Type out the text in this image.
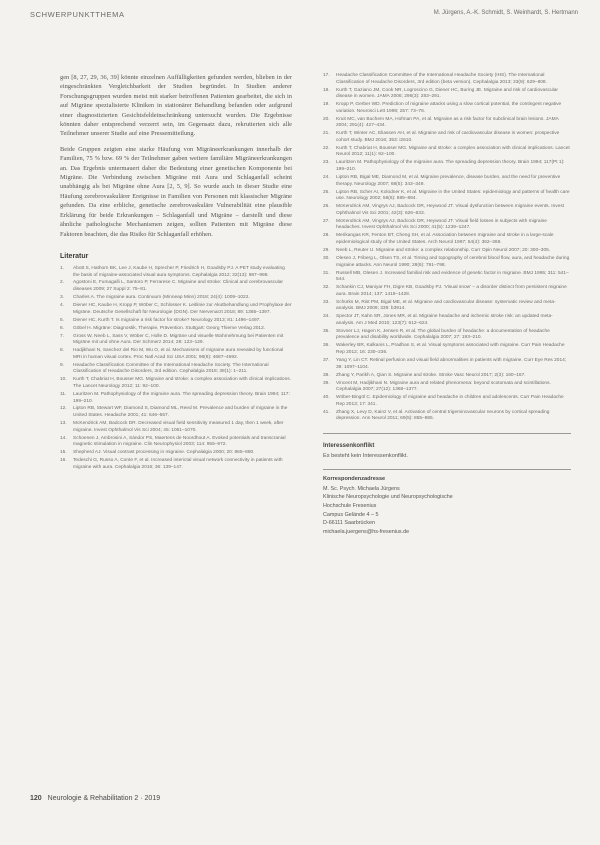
SCHWERPUNKTTHEMA	M. Jürgens, A.-K. Schmidt, S. Weinhardt, S. Hertmann

gen [8, 27, 29, 36, 39] könnte einzelnen Auffälligkeiten gefunden werden, blieben in der eingeschränkten Vergleichbarkeit der Studien begründet. In Studien anderer Forschungsgruppen wurden meist mit starker betroffenen Patienten gearbeitet, die sich in auf Migräne spezialisierte Kliniken in stationärer Behandlung befanden oder aufgrund einer diagnostizierten Gesichtsfeldeinschränkung untersucht wurden. Die Ergebnisse könnten daher entsprechend verzerrt sein, im Gegensatz dazu, rekrutierten sich alle Teilnehmer unserer Studie auf eine Pressemitteilung.

Beide Gruppen zeigten eine starke Häufung von Migräneerkrankungen innerhalb der Familien, 75 % bzw. 69 % der Teilnehmer gaben weitere familiäre Migräneerkrankungen an. Das Ergebnis untermauert daher die Bedeutung einer genetischen Komponente bei Migräne. Die Verbindung zwischen Migräne mit Aura und Schlaganfall scheint unabhängig als bei Migräne ohne Aura [2, 5, 9]. So wurde auch in dieser Studie eine Häufung zerebrovaskulärer Ereignisse in Familien von Personen mit klassischer Migräne gefunden. Da eine erbliche, genetische zerebrovaskuläre Vulnerabilität eine plausible Erklärung für beide Erkrankungen – Schlaganfall und Migräne – darstellt und diese ähnliche pathologische Mechanismen zeigen, sollten Patienten mit Migräne diese Faktoren beachten, die das Risiko für Schlaganfall erhöhen.

Literatur
1.	Abott S, Hathorn BK, Lee J, Kaube H, Sprecher P, Friedrich H, Goadsby PJ. A PET study evaluating the basis of migraine-associated visual aura symptoms. Cephalalgia 2012; 32(13): 987–998.
2.	Agostoni E, Fumagalli L, Santoro P, Ferrarese C. Migraine and stroke: Clinical and cerebrovascular diseases 2009; 27 Suppl 2: 75–81.
3.	Charles A. The migraine aura. Continuum (Minneap Minn) 2018; 24(4): 1009–1022.
4.	Diener HC, Kaube H, Kropp P, Wöber C, Schlosser K. Leitlinie zur Akutbehandlung und Prophylaxe der Migräne. Deutsche Gesellschaft für Neurologie (DGN). Der Nervenarzt 2018; 89: 1365–1397.
5.	Diener HC, Kurth T. Is migraine a risk factor for stroke? Neurology 2013; 81: 1496–1497.
6.	Göbel H. Migräne: Diagnostik, Therapie, Prävention. Stuttgart: Georg Thieme Verlag 2012.
7.	Gross W, Neeb L, Sass V, Wöber C, Holle D. Migräne und visuelle Wahrnehmung bei Patienten mit Migräne mit und ohne Aura. Der Schmerz 2014; 28: 123–129.
8.	Hadjikhani N, Sanchez del Rio M, Wu O, et al. Mechanisms of migraine aura revealed by functional MRI in human visual cortex. Proc Natl Acad Sci USA 2001; 98(8): 4687–4692.
9.	Headache Classification Committee of the International Headache Society. The International Classification of Headache Disorders, 3rd edition. Cephalalgia 2018; 38(1): 1–211.
10.	Kurth T, Chabriat H, Bousser MG. Migraine and stroke: a complex association with clinical implications. The Lancet Neurology 2012; 11: 92–100.
11.	Lauritzen M. Pathophysiology of the migraine aura. The spreading depression theory. Brain 1994; 117: 199–210.
12.	Lipton RB, Stewart WF, Diamond S, Diamond ML, Reed M. Prevalence and burden of migraine in the United States. Headache 2001; 41: 646–657.
13.	McKendrick AM, Badcock DR. Decreased visual field sensitivity measured 1 day, then 1 week, after migraine. Invest Ophthalmol Vis Sci 2004; 45: 1061–1070.
14.	Schoenen J, Ambrosini A, Sándor PS, Maertens de Noordhout A. Evoked potentials and transcranial magnetic stimulation in migraine. Clin Neurophysiol 2003; 114: 955–972.
15.	Shepherd AJ. Visual contrast processing in migraine. Cephalalgia 2000; 20: 865–880.
16.	Tedeschi G, Russo A, Conte F, et al. Increased interictal visual network connectivity in patients with migraine with aura. Cephalalgia 2016; 36: 139–147.
17.	Headache Classification Committee of the International Headache Society (IHS). The International Classification of Headache Disorders, 3rd edition (beta version). Cephalalgia 2013; 33(9): 629–808.
18.	Kurth T, Gaziano JM, Cook NR, Logroscino G, Diener HC, Buring JE. Migraine and risk of cardiovascular disease in women. JAMA 2006; 296(3): 283–291.
19.	Kropp P, Gerber WD. Prediction of migraine attacks using a slow cortical potential, the contingent negative variation. Neurosci Lett 1998; 257: 73–76.
20.	Kruit MC, van Buchem MA, Hofman PA, et al. Migraine as a risk factor for subclinical brain lesions. JAMA 2004; 291(4): 427–434.
21.	Kurth T, Winter AC, Eliassen AH, et al. Migraine and risk of cardiovascular disease in women: prospective cohort study. BMJ 2016; 353: i2610.
22.	Kurth T, Chabriat H, Bousser MG. Migraine and stroke: a complex association with clinical implications. Lancet Neurol 2012; 11(1): 92–100.
23.	Lauritzen M. Pathophysiology of the migraine aura. The spreading depression theory. Brain 1994; 117(Pt 1): 199–210.
24.	Lipton RB, Bigal ME, Diamond M, et al. Migraine prevalence, disease burden, and the need for preventive therapy. Neurology 2007; 68(5): 343–349.
25.	Lipton RB, Scher AI, Kolodner K, et al. Migraine in the United States: epidemiology and patterns of health care use. Neurology 2002; 58(6): 885–894.
26.	McKendrick AM, Vingrys AJ, Badcock DR, Heywood JT. Visual dysfunction between migraine events. Invest Ophthalmol Vis Sci 2001; 42(3): 626–633.
27.	McKendrick AM, Vingrys AJ, Badcock DR, Heywood JT. Visual field losses in subjects with migraine headaches. Invest Ophthalmol Vis Sci 2000; 41(5): 1239–1247.
28.	Merikangas KR, Fenton BT, Cheng SH, et al. Association between migraine and stroke in a large-scale epidemiological study of the United States. Arch Neurol 1997; 54(4): 362–368.
29.	Neeb L, Reuter U. Migraine and stroke: a complex relationship. Curr Opin Neurol 2007; 20: 300–305.
30.	Olesen J, Friberg L, Olsen TS, et al. Timing and topography of cerebral blood flow, aura, and headache during migraine attacks. Ann Neurol 1990; 28(6): 791–798.
31.	Russell MB, Olesen J. Increased familial risk and evidence of genetic factor in migraine. BMJ 1995; 311: 541–544.
32.	Schankin CJ, Maniyar FH, Digre KB, Goadsby PJ. 'Visual snow' – a disorder distinct from persistent migraine aura. Brain 2014; 137: 1419–1428.
33.	Schürks M, Rist PM, Bigal ME, et al. Migraine and cardiovascular disease: systematic review and meta-analysis. BMJ 2009; 339: b3914.
34.	Spector JT, Kahn SR, Jones MR, et al. Migraine headache and ischemic stroke risk: an updated meta-analysis. Am J Med 2010; 123(7): 612–624.
35.	Stovner LJ, Hagen K, Jensen R, et al. The global burden of headache: a documentation of headache prevalence and disability worldwide. Cephalalgia 2007; 27: 193–210.
36.	Wakerley BR, Kalkanis L, Pradhan S, et al. Visual symptoms associated with migraine. Curr Pain Headache Rep 2012; 16: 230–236.
37.	Yang Y, Lin CT. Retinal perfusion and visual field abnormalities in patients with migraine. Curr Eye Res 2014; 39: 1097–1104.
38.	Zhang Y, Parikh A, Qian S. Migraine and stroke. Stroke Vasc Neurol 2017; 2(3): 160–167.
39.	Vincent M, Hadjikhani N. Migraine aura and related phenomena: beyond scotomata and scintillations. Cephalalgia 2007; 27(12): 1368–1377.
40.	Wöber-Bingöl C. Epidemiology of migraine and headache in children and adolescents. Curr Pain Headache Rep 2013; 17: 341.
41.	Zhang X, Levy D, Kainz V, et al. Activation of central trigeminovascular neurons by cortical spreading depression. Ann Neurol 2011; 69(5): 855–865.
Interessenkonflikt
Es besteht kein Interessenkonflikt.
Korrespondenzadresse
M. Sc. Psych. Michaela Jürgens
Klinische Neuropsychologie und Neuropsychologische
Hochschule Fresenius
Campus Gelände 4 – 5
D-66111 Saarbrücken
michaela.juergens@hs-fresenius.de
120 Neurologie & Rehabilitation 2 · 2019
